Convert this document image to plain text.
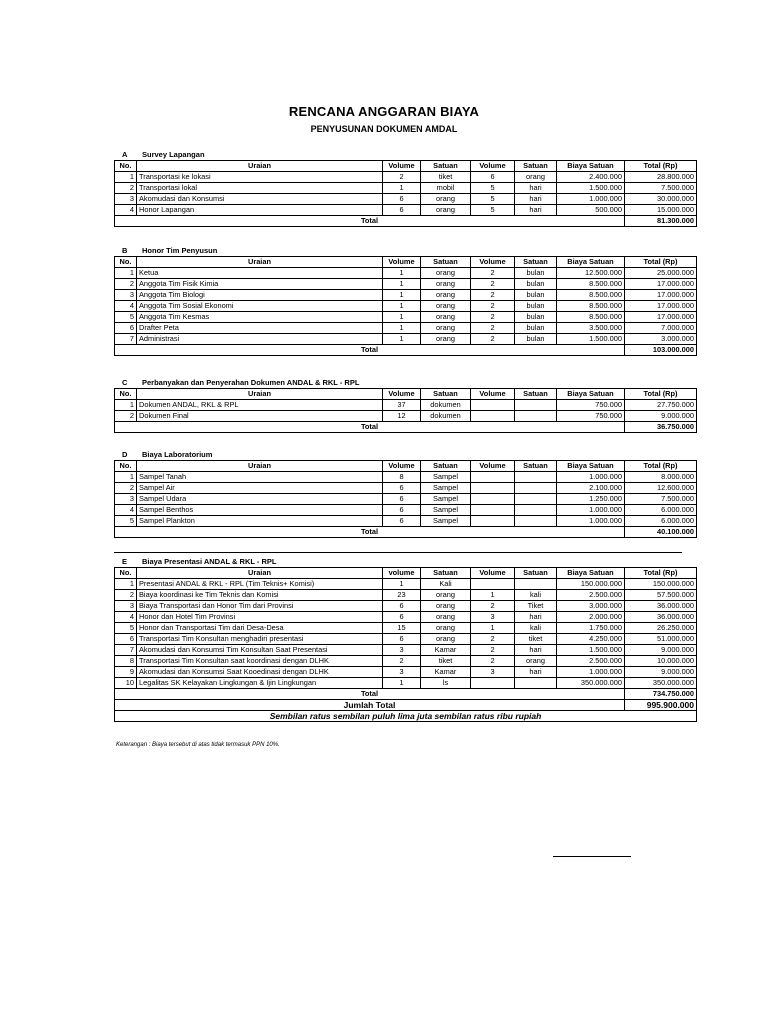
RENCANA ANGGARAN BIAYA
PENYUSUNAN DOKUMEN AMDAL
A Survey Lapangan
No.	Uraian	Volume	Satuan	Volume	Satuan	Biaya Satuan	Total (Rp)
1	Transportasi ke lokasi	2	tiket	6	orang	2.400.000	28.800.000
2	Transportasi lokal	1	mobil	5	hari	1.500.000	7.500.000
3	Akomudasi dan Konsumsi	6	orang	5	hari	1.000.000	30.000.000
4	Honor Lapangan	6	orang	5	hari	500.000	15.000.000
Total							81.300.000
B Honor Tim Penyusun
No.	Uraian	Volume	Satuan	Volume	Satuan	Biaya Satuan	Total (Rp)
1	Ketua	1	orang	2	bulan	12.500.000	25.000.000
2	Anggota Tim Fisik Kimia	1	orang	2	bulan	8.500.000	17.000.000
3	Anggota Tim Biologi	1	orang	2	bulan	8.500.000	17.000.000
4	Anggota Tim Sosial Ekonomi	1	orang	2	bulan	8.500.000	17.000.000
5	Anggota Tim Kesmas	1	orang	2	bulan	8.500.000	17.000.000
6	Drafter Peta	1	orang	2	bulan	3.500.000	7.000.000
7	Administrasi	1	orang	2	bulan	1.500.000	3.000.000
Total							103.000.000
C Perbanyakan dan Penyerahan Dokumen ANDAL & RKL - RPL
No.	Uraian	Volume	Satuan	Volume	Satuan	Biaya Satuan	Total (Rp)
1	Dokumen ANDAL, RKL & RPL	37	dokumen			750.000	27.750.000
2	Dokumen Final	12	dokumen			750.000	9.000.000
Total							36.750.000
D Biaya Laboratorium
No.	Uraian	Volume	Satuan	Volume	Satuan	Biaya Satuan	Total (Rp)
1	Sampel Tanah	8	Sampel			1.000.000	8.000.000
2	Sampel Air	6	Sampel			2.100.000	12.600.000
3	Sampel Udara	6	Sampel			1.250.000	7.500.000
4	Sampel Benthos	6	Sampel			1.000.000	6.000.000
5	Sampel Plankton	6	Sampel			1.000.000	6.000.000
Total							40.100.000
E Biaya Presentasi ANDAL & RKL - RPL
No.	Uraian	volume	Satuan	Volume	Satuan	Biaya Satuan	Total (Rp)
1	Presentasi ANDAL & RKL - RPL (Tim Teknis+ Komisi)	1	Kali			150.000.000	150.000.000
2	Biaya koordinasi ke Tim Teknis dan Komisi	23	orang	1	kali	2.500.000	57.500.000
3	Biaya Transportasi dan Honor Tim dari Provinsi	6	orang	2	Tiket	3.000.000	36.000.000
4	Honor dan Hotel Tim Provinsi	6	orang	3	hari	2.000.000	36.000.000
5	Honor dan Transportasi Tim dari Desa-Desa	15	orang	1	kali	1.750.000	26.250.000
6	Transportasi Tim Konsultan menghadiri presentasi	6	orang	2	tiket	4.250.000	51.000.000
7	Akomudasi dan Konsumsi Tim Konsultan Saat Presentasi	3	Kamar	2	hari	1.500.000	9.000.000
8	Transportasi Tim Konsultan saat koordinasi dengan DLHK	2	tiket	2	orang	2.500.000	10.000.000
9	Akomudasi dan Konsumsi Saat Kooedinasi dengan DLHK	3	Kamar	3	hari	1.000.000	9.000.000
10	Legalitas SK Kelayakan Lingkungan & Ijin Lingkungan	1	ls			350.000.000	350.000.000
Total							734.750.000
Jumlah Total							995.900.000
Sembilan ratus sembilan puluh lima juta sembilan ratus ribu rupiah							
Keterangan : Biaya tersebut di atas tidak termasuk PPN 10%.
